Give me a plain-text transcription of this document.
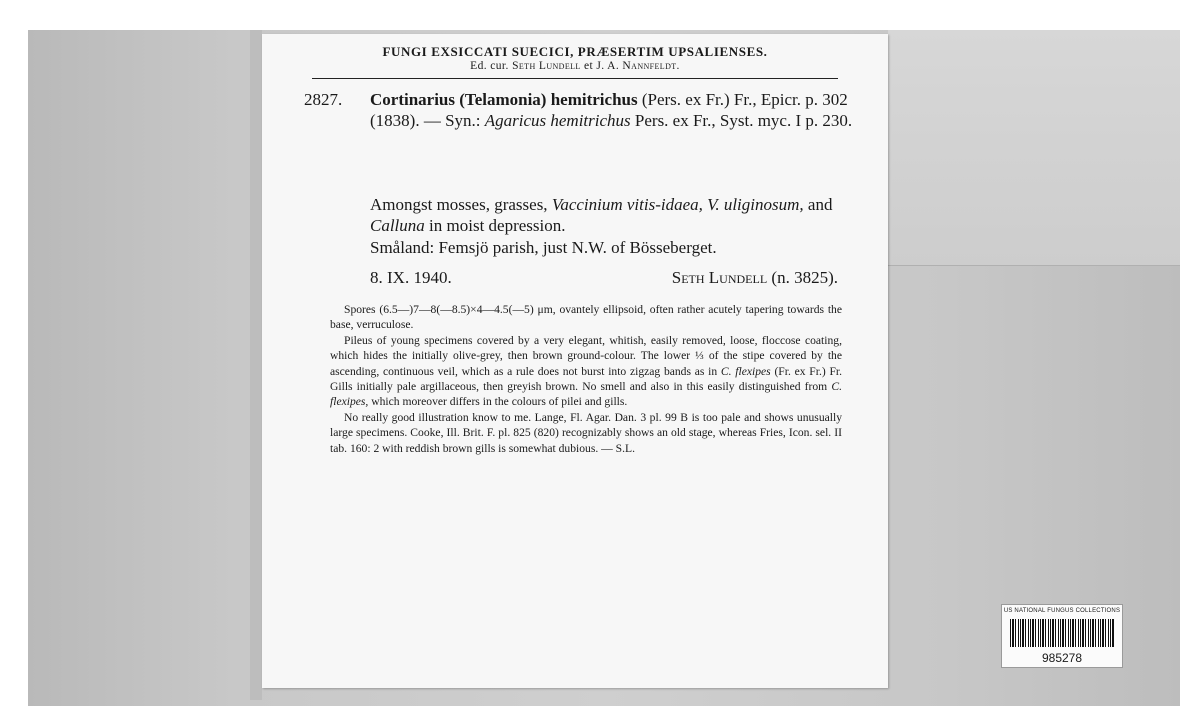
FUNGI EXSICCATI SUECICI, PRÆSERTIM UPSALIENSES.
Ed. cur. Seth Lundell et J. A. Nannfeldt.
2827. Cortinarius (Telamonia) hemitrichus (Pers. ex Fr.) Fr., Epicr. p. 302 (1838). — Syn.: Agaricus hemitrichus Pers. ex Fr., Syst. myc. I p. 230.
Amongst mosses, grasses, Vaccinium vitis-idaea, V. uliginosum, and Calluna in moist depression.
Småland: Femsjö parish, just N.W. of Bösseberget.
8. IX. 1940.	Seth Lundell (n. 3825).

Spores (6.5—)7—8(—8.5)×4—4.5(—5) μm, ovantely ellipsoid, often rather acutely tapering towards the base, verruculose.

Pileus of young specimens covered by a very elegant, whitish, easily removed, loose, floccose coating, which hides the initially olive-grey, then brown ground-colour. The lower ⅓ of the stipe covered by the ascending, continuous veil, which as a rule does not burst into zigzag bands as in C. flexipes (Fr. ex Fr.) Fr. Gills initially pale argillaceous, then greyish brown. No smell and also in this easily distinguished from C. flexipes, which moreover differs in the colours of pilei and gills.

No really good illustration know to me. Lange, Fl. Agar. Dan. 3 pl. 99 B is too pale and shows unusually large specimens. Cooke, Ill. Brit. F. pl. 825 (820) recognizably shows an old stage, whereas Fries, Icon. sel. II tab. 160: 2 with reddish brown gills is somewhat dubious. — S.L.

US NATIONAL FUNGUS COLLECTIONS
985278
